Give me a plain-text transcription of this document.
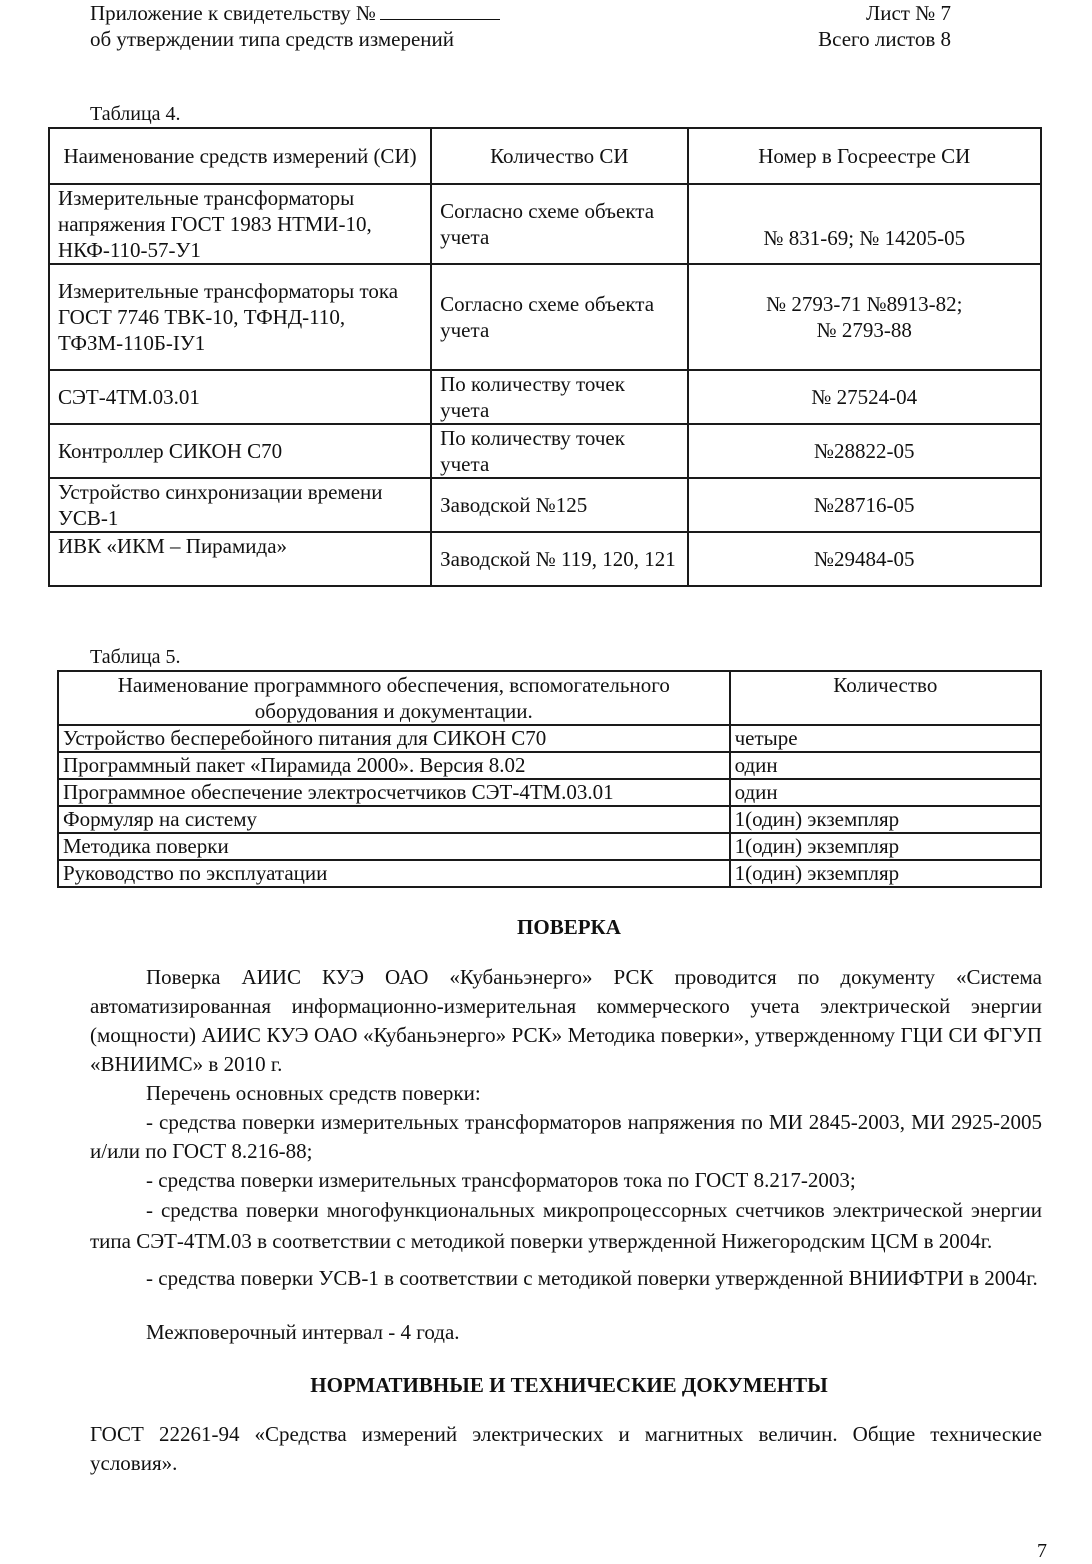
Приложение к свидетельству №
об утверждении типа средств измерений
Лист № 7
Всего листов 8
Таблица 4.
Наименование средств измерений (СИ)	Количество СИ	Номер в Госреестре СИ
Измерительные трансформаторы напряжения ГОСТ 1983 НТМИ-10, НКФ-110-57-У1	Согласно схеме объекта учета	№ 831-69; № 14205-05
Измерительные трансформаторы тока ГОСТ 7746 ТВК-10, ТФНД-110, ТФЗМ-110Б-IУ1	Согласно схеме объекта учета	№ 2793-71 №8913-82; № 2793-88
СЭТ-4ТМ.03.01	По количеству точек учета	№ 27524-04
Контроллер СИКОН С70	По количеству точек учета	№28822-05
Устройство синхронизации времени УСВ-1	Заводской №125	№28716-05
ИВК «ИКМ – Пирамида»	Заводской № 119, 120, 121	№29484-05
Таблица 5.
Наименование программного обеспечения, вспомогательного оборудования и документации.	Количество
Устройство бесперебойного питания для СИКОН С70	четыре
Программный пакет «Пирамида 2000». Версия 8.02	один
Программное обеспечение электросчетчиков СЭТ-4ТМ.03.01	один
Формуляр на систему	1(один) экземпляр
Методика поверки	1(один) экземпляр
Руководство по эксплуатации	1(один) экземпляр
ПОВЕРКА
Поверка АИИС КУЭ ОАО «Кубаньэнерго» РСК проводится по документу «Система автоматизированная информационно-измерительная коммерческого учета электрической энергии (мощности) АИИС КУЭ ОАО «Кубаньэнерго» РСК» Методика поверки», утвержденному ГЦИ СИ ФГУП «ВНИИМС» в 2010 г.
Перечень основных средств поверки:
- средства поверки измерительных трансформаторов напряжения по МИ 2845-2003, МИ 2925-2005 и/или по ГОСТ 8.216-88;
- средства поверки измерительных трансформаторов тока по ГОСТ 8.217-2003;
- средства поверки многофункциональных микропроцессорных счетчиков электрической энергии типа СЭТ-4ТМ.03 в соответствии с методикой поверки утвержденной Нижегородским ЦСМ в 2004г.
- средства поверки УСВ-1 в соответствии с методикой поверки утвержденной ВНИИФТРИ в 2004г.
Межповерочный интервал - 4 года.
НОРМАТИВНЫЕ И ТЕХНИЧЕСКИЕ ДОКУМЕНТЫ
ГОСТ 22261-94 «Средства измерений электрических и магнитных величин. Общие технические условия».
7
